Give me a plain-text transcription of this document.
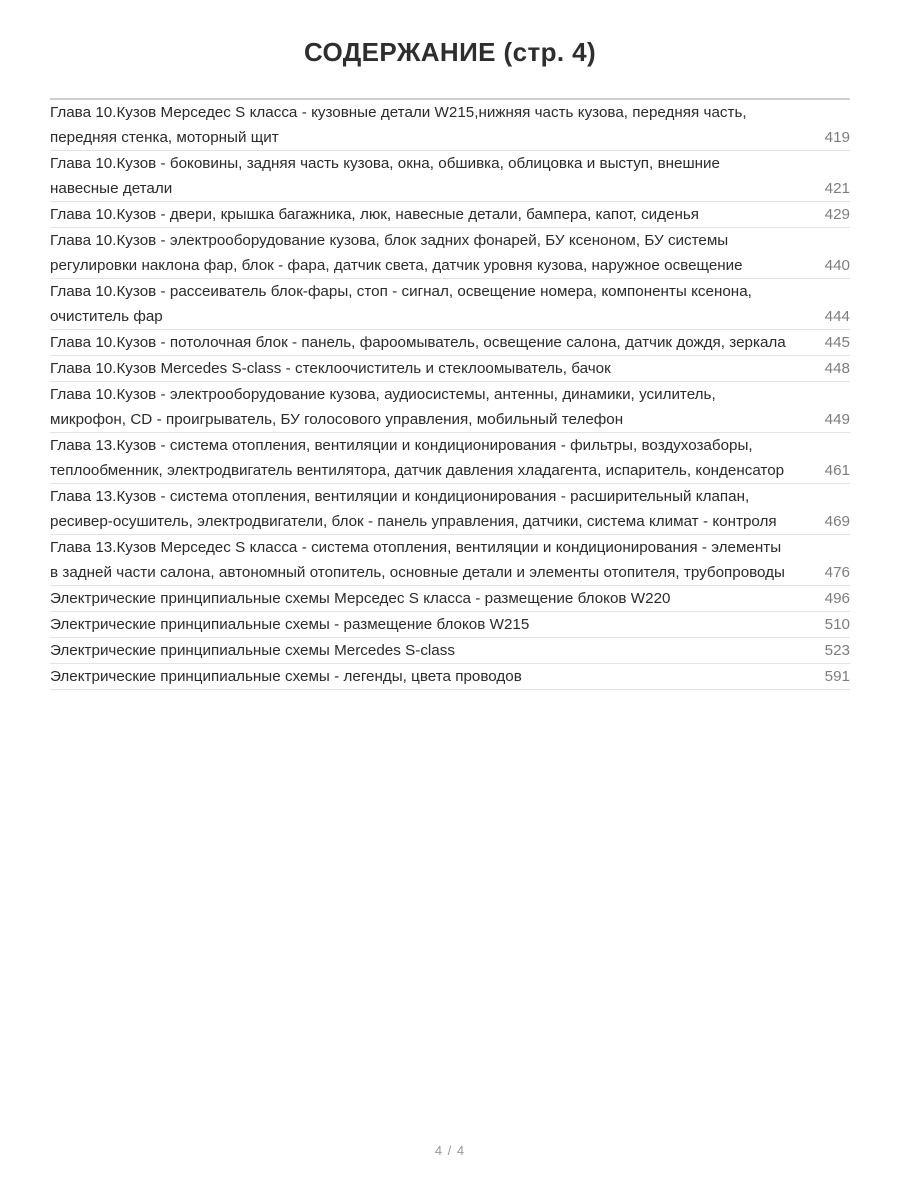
СОДЕРЖАНИЕ (стр. 4)
Глава 10.Кузов Мерседес S класса - кузовные детали W215,нижняя часть кузова, передняя часть, передняя стенка, моторный щит	419
Глава 10.Кузов - боковины, задняя часть кузова, окна, обшивка, облицовка и выступ, внешние навесные детали	421
Глава 10.Кузов - двери, крышка багажника, люк, навесные детали, бампера, капот, сиденья	429
Глава 10.Кузов - электрооборудование кузова, блок задних фонарей, БУ ксеноном, БУ системы регулировки наклона фар, блок - фара, датчик света, датчик уровня кузова, наружное освещение	440
Глава 10.Кузов - рассеиватель блок-фары, стоп - сигнал, освещение номера, компоненты ксенона, очиститель фар	444
Глава 10.Кузов - потолочная блок - панель, фароомыватель, освещение салона, датчик дождя, зеркала	445
Глава 10.Кузов Mercedes S-class - стеклоочиститель и стеклоомыватель, бачок	448
Глава 10.Кузов - электрооборудование кузова, аудиосистемы, антенны, динамики, усилитель, микрофон, CD - проигрыватель, БУ голосового управления, мобильный телефон	449
Глава 13.Кузов - система отопления, вентиляции и кондиционирования - фильтры, воздухозаборы, теплообменник, электродвигатель вентилятора, датчик давления хладагента, испаритель, конденсатор	461
Глава 13.Кузов - система отопления, вентиляции и кондиционирования - расширительный клапан, ресивер-осушитель, электродвигатели, блок - панель управления, датчики, система климат - контроля	469
Глава 13.Кузов Мерседес S класса - система отопления, вентиляции и кондиционирования - элементы в задней части салона, автономный отопитель, основные детали и элементы отопителя, трубопроводы	476
Электрические принципиальные схемы Мерседес S класса - размещение блоков W220	496
Электрические принципиальные схемы - размещение блоков W215	510
Электрические принципиальные схемы Mercedes S-class	523
Электрические принципиальные схемы - легенды, цвета проводов	591
4 / 4
